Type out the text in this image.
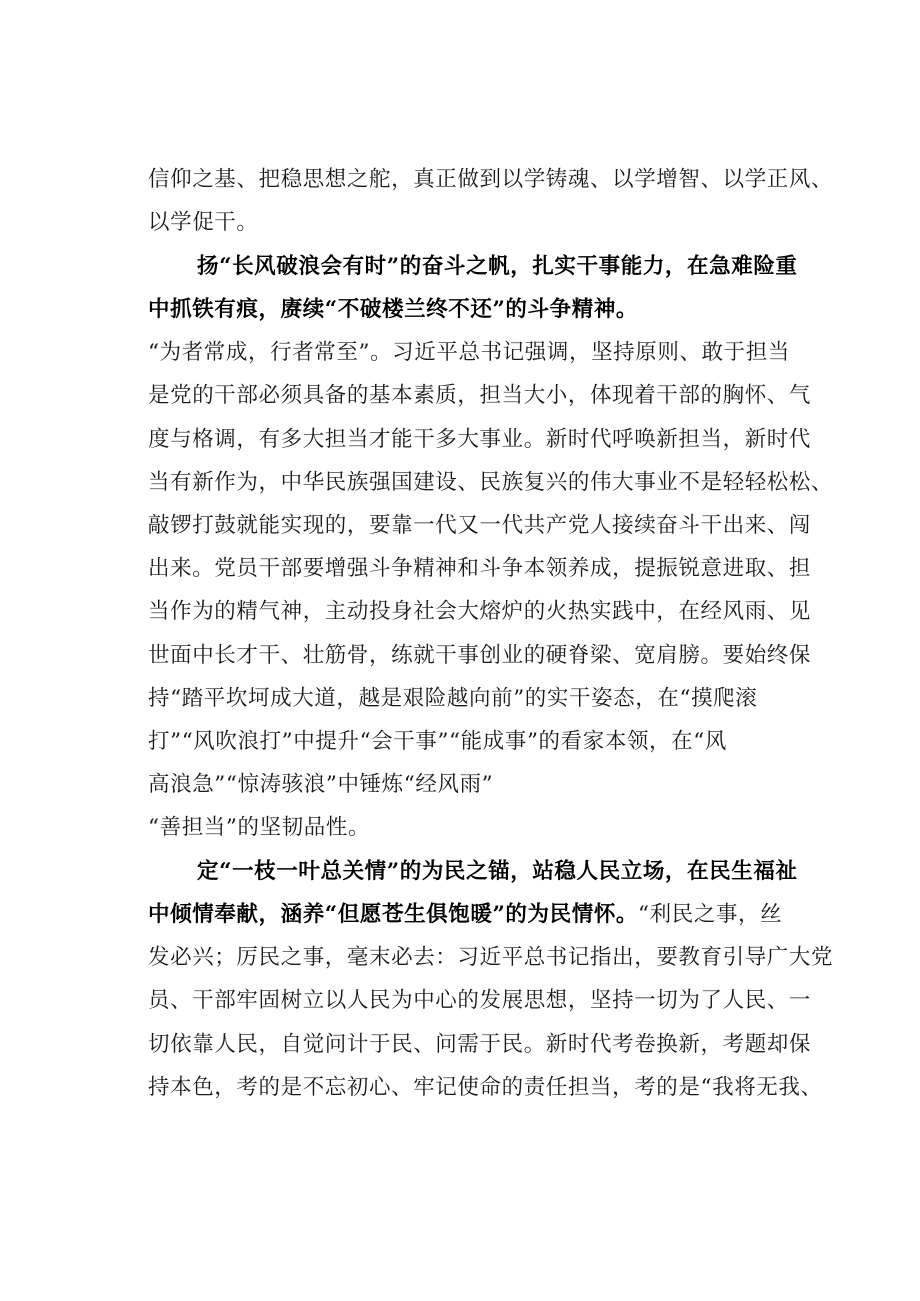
信仰之基、把稳思想之舵，真正做到以学铸魂、以学增智、以学正风、
以学促干。
扬“长风破浪会有时”的奋斗之帆，扎实干事能力，在急难险重
中抓铁有痕，赓续“不破楼兰终不还”的斗争精神。
“为者常成，行者常至”。习近平总书记强调，坚持原则、敢于担当
是党的干部必须具备的基本素质，担当大小，体现着干部的胸怀、气
度与格调，有多大担当才能干多大事业。新时代呼唤新担当，新时代
当有新作为，中华民族强国建设、民族复兴的伟大事业不是轻轻松松、
敲锣打鼓就能实现的，要靠一代又一代共产党人接续奋斗干出来、闯
出来。党员干部要增强斗争精神和斗争本领养成，提振锐意进取、担
当作为的精气神，主动投身社会大熔炉的火热实践中，在经风雨、见
世面中长才干、壮筋骨，练就干事创业的硬脊梁、宽肩膀。要始终保
持“踏平坎坷成大道，越是艰险越向前”的实干姿态，在“摸爬滚
打”“风吹浪打”中提升“会干事”“能成事”的看家本领，在“风
高浪急”“惊涛骇浪”中锤炼“经风雨”
“善担当”的坚韧品性。
定“一枝一叶总关情”的为民之锚，站稳人民立场，在民生福祉
中倾情奉献，涵养“但愿苍生俱饱暖”的为民情怀。“利民之事，丝
发必兴；厉民之事，毫末必去：习近平总书记指出，要教育引导广大党
员、干部牢固树立以人民为中心的发展思想，坚持一切为了人民、一
切依靠人民，自觉问计于民、问需于民。新时代考卷换新，考题却保
持本色，考的是不忘初心、牢记使命的责任担当，考的是“我将无我、
